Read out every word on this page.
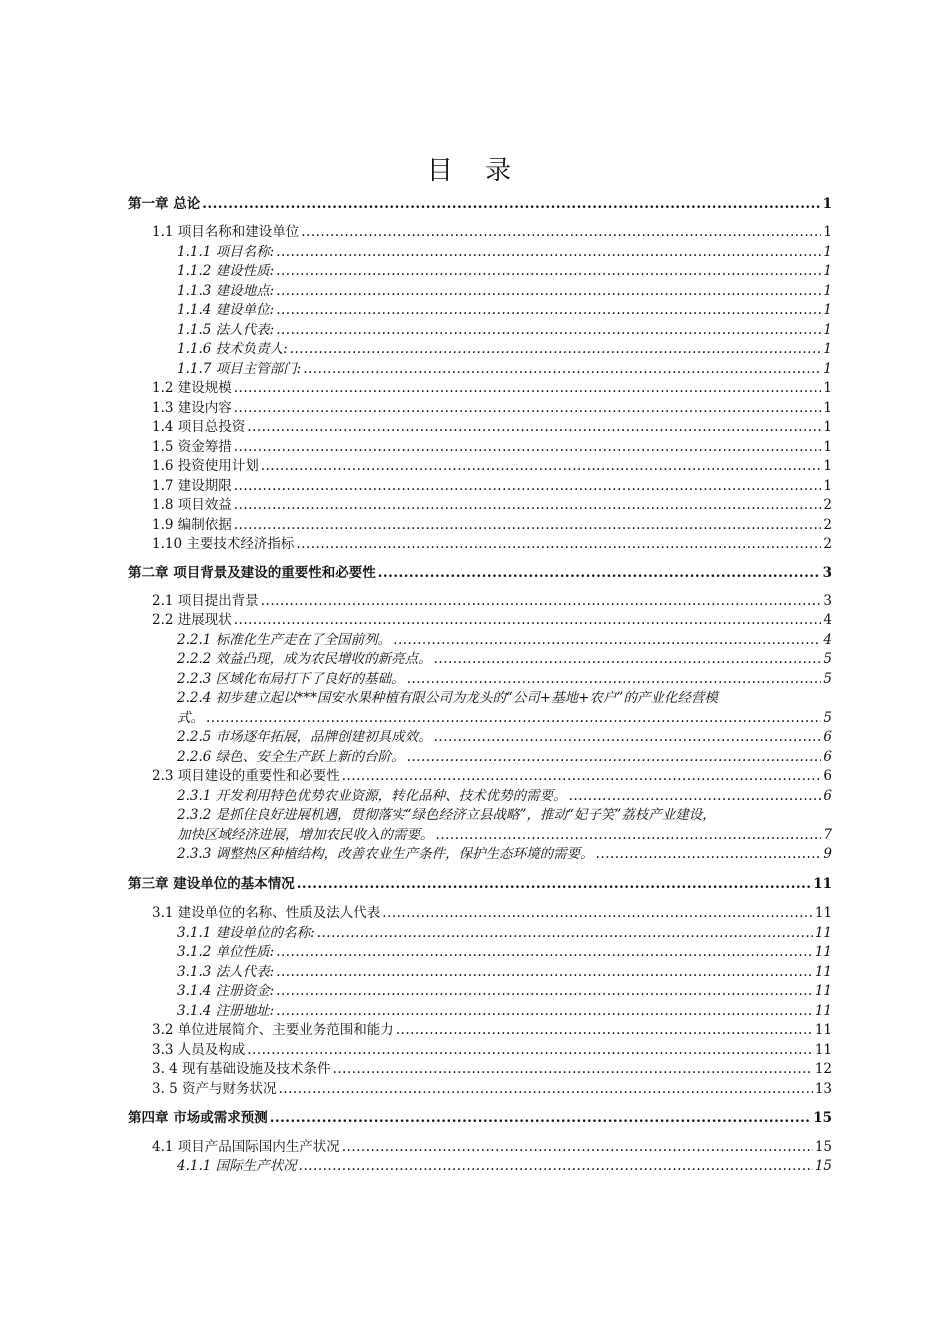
目 录
第一章 总论 .....	1
1.1 项目名称和建设单位 .....	1
1.1.1 项目名称: .....	1
1.1.2 建设性质: .....	1
1.1.3 建设地点: .....	1
1.1.4 建设单位: .....	1
1.1.5 法人代表: .....	1
1.1.6 技术负责人: .....	1
1.1.7 项目主管部门: .....	1
1.2 建设规模 .....	1
1.3 建设内容 .....	1
1.4 项目总投资 .....	1
1.5 资金筹措 .....	1
1.6 投资使用计划 .....	1
1.7 建设期限 .....	1
1.8 项目效益 .....	2
1.9 编制依据 .....	2
1.10 主要技术经济指标 .....	2
第二章 项目背景及建设的重要性和必要性 .....	3
2.1 项目提出背景 .....	3
2.2 进展现状 .....	4
2.2.1 标准化生产走在了全国前列。 .....	4
2.2.2 效益凸现，成为农民增收的新亮点。 .....	5
2.2.3 区域化布局打下了良好的基础。 .....	5
2.2.4 初步建立起以***国安水果种植有限公司为龙头的“公司+基地+农户”的产业化经营模
式。 .....	5
2.2.5 市场逐年拓展，品牌创建初具成效。 .....	6
2.2.6 绿色、安全生产跃上新的台阶。 .....	6
2.3 项目建设的重要性和必要性 .....	6
2.3.1 开发利用特色优势农业资源，转化品种、技术优势的需要。 .....	6
2.3.2 是抓住良好进展机遇，贯彻落实“绿色经济立县战略”，推动“妃子笑”荔枝产业建设，
加快区域经济进展，增加农民收入的需要。 .....	7
2.3.3 调整热区种植结构，改善农业生产条件，保护生态环境的需要。 .....	9
第三章 建设单位的基本情况 .....	11
3.1 建设单位的名称、性质及法人代表 .....	11
3.1.1 建设单位的名称: .....	11
3.1.2 单位性质: .....	11
3.1.3 法人代表: .....	11
3.1.4 注册资金: .....	11
3.1.4 注册地址: .....	11
3.2 单位进展简介、主要业务范围和能力 .....	11
3.3 人员及构成 .....	11
3. 4 现有基础设施及技术条件 .....	12
3. 5 资产与财务状况 .....	13
第四章 市场或需求预测 .....	15
4.1 项目产品国际国内生产状况 .....	15
4.1.1 国际生产状况 .....	15
